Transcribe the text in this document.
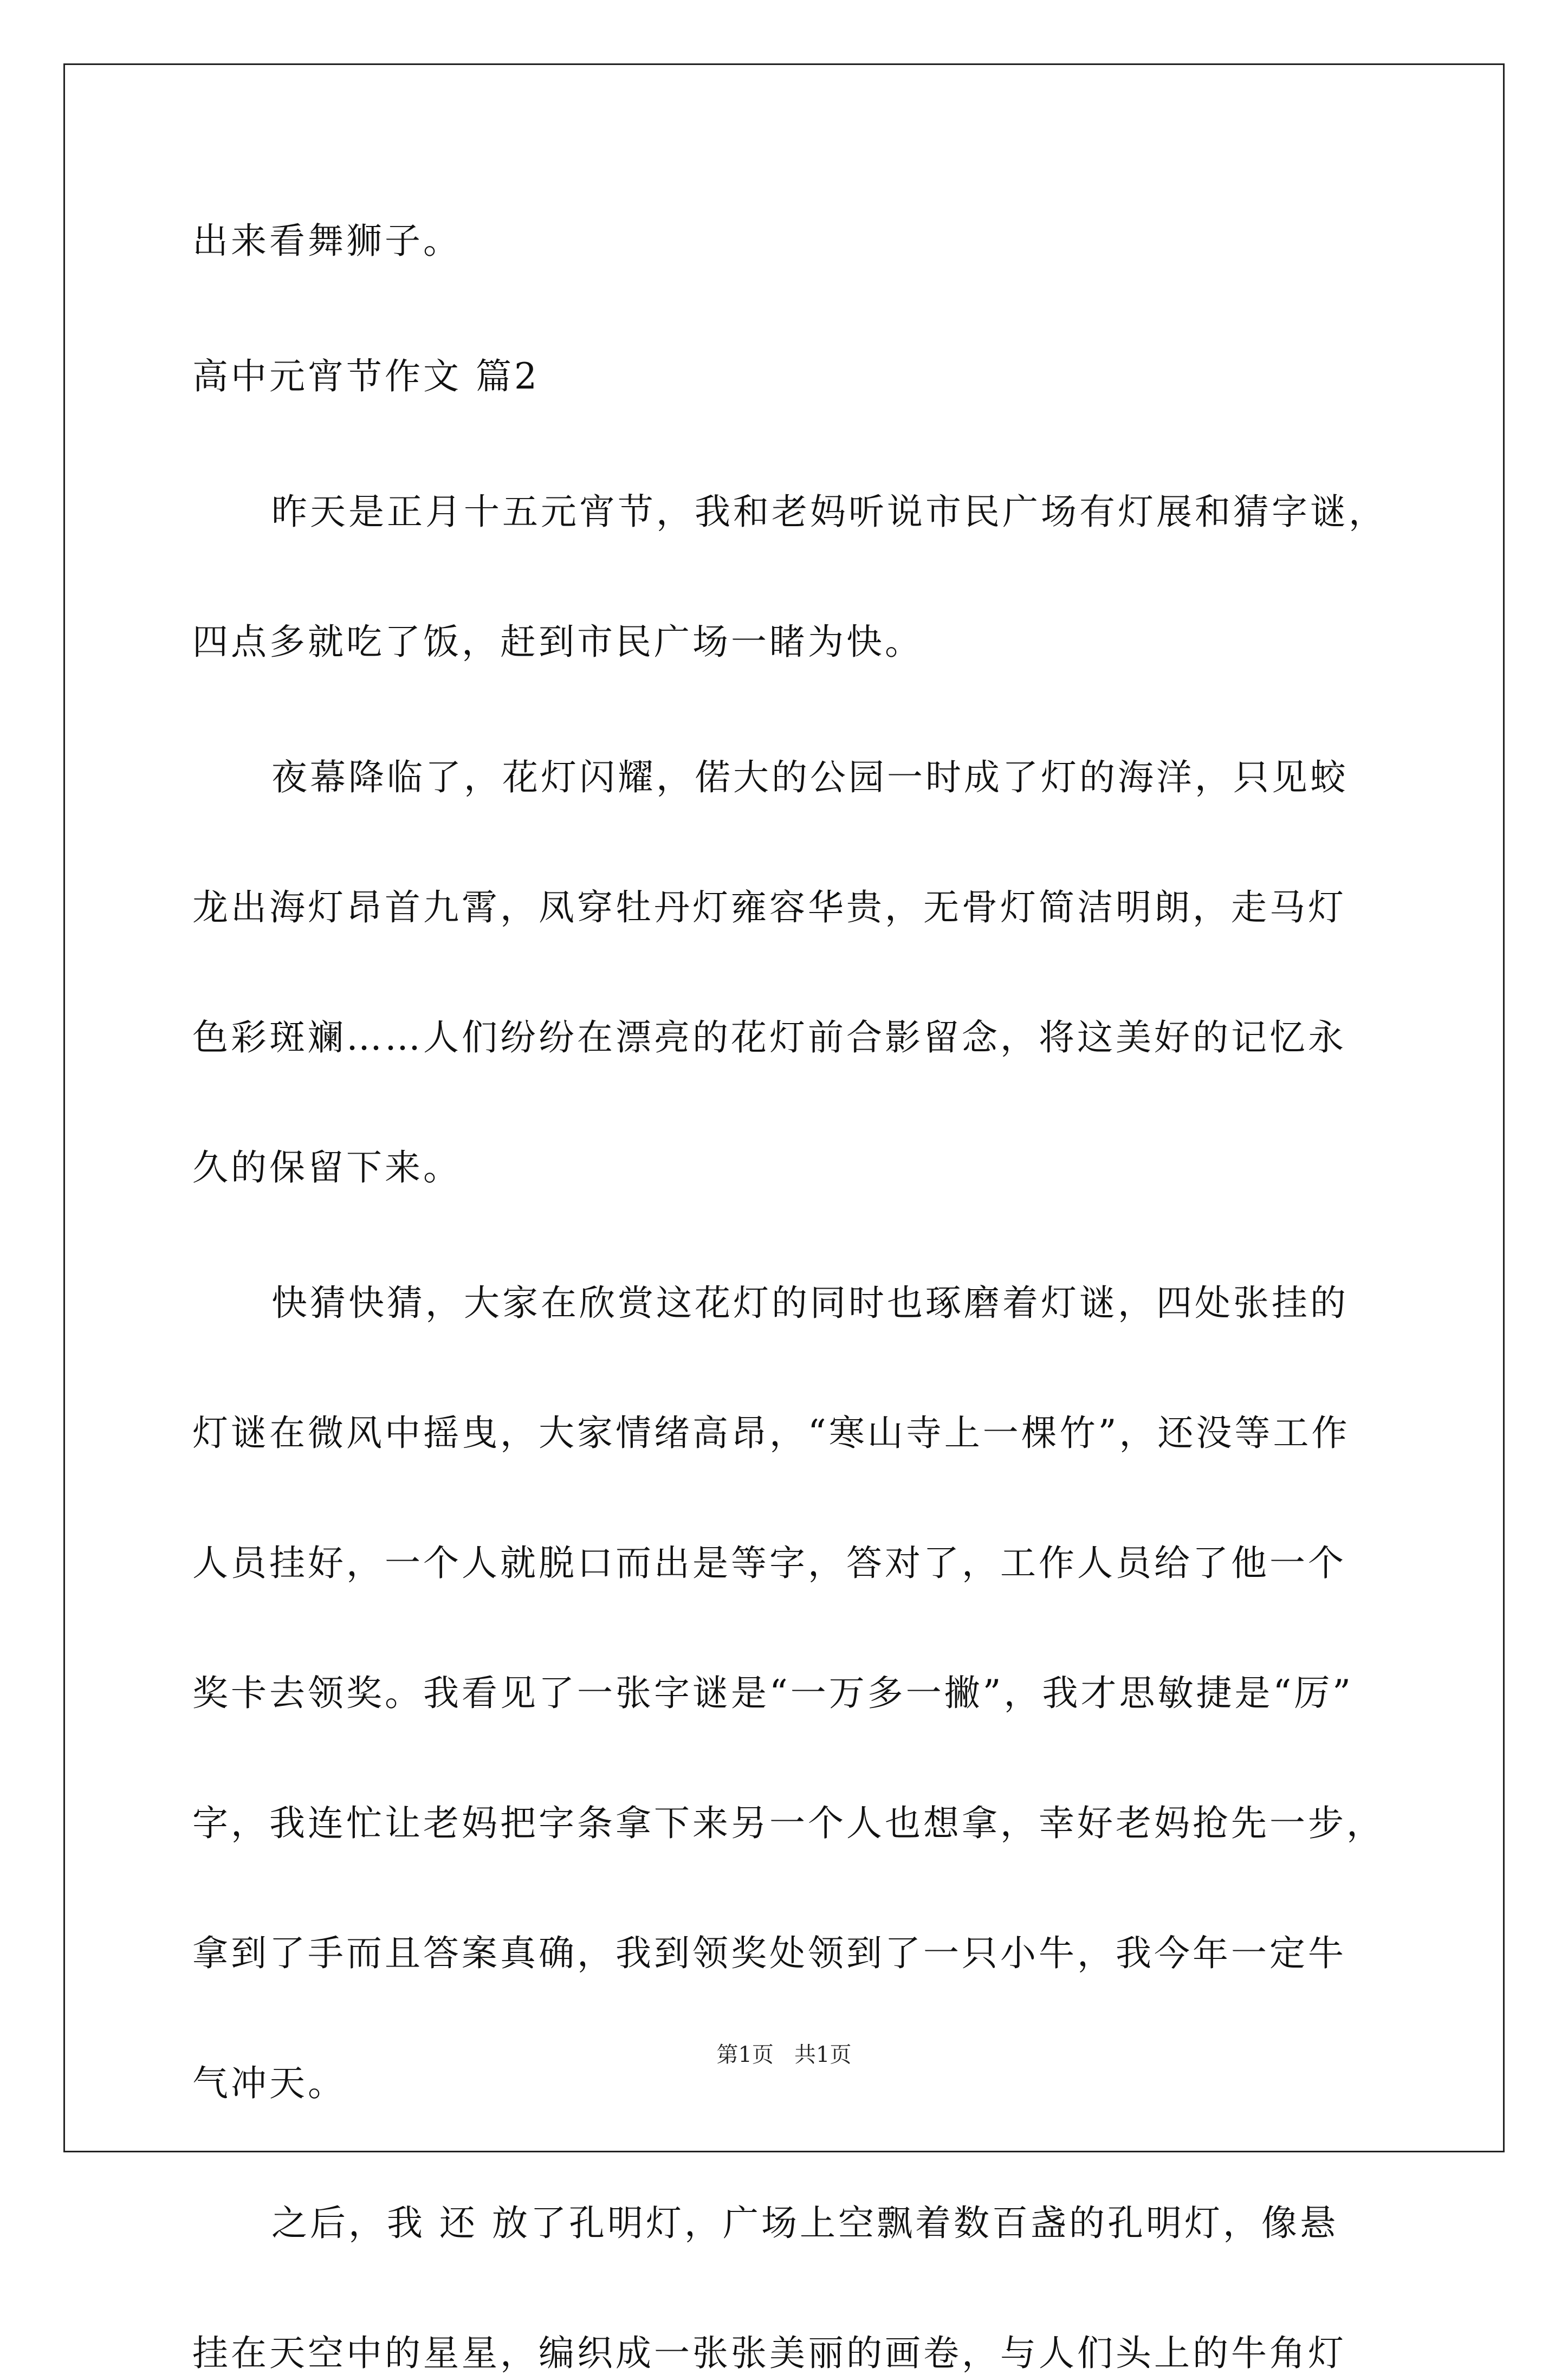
出来看舞狮子。
高中元宵节作文 篇2
昨天是正月十五元宵节，我和老妈听说市民广场有灯展和猜字谜，
四点多就吃了饭，赶到市民广场一睹为快。
夜幕降临了，花灯闪耀，偌大的公园一时成了灯的海洋，只见蛟
龙出海灯昂首九霄，凤穿牡丹灯雍容华贵，无骨灯简洁明朗，走马灯
色彩斑斓……人们纷纷在漂亮的花灯前合影留念，将这美好的记忆永
久的保留下来。
快猜快猜，大家在欣赏这花灯的同时也琢磨着灯谜，四处张挂的
灯谜在微风中摇曳，大家情绪高昂，“寒山寺上一棵竹”，还没等工作
人员挂好，一个人就脱口而出是等字，答对了，工作人员给了他一个
奖卡去领奖。我看见了一张字谜是“一万多一撇”，我才思敏捷是“厉”
字，我连忙让老妈把字条拿下来另一个人也想拿，幸好老妈抢先一步，
拿到了手而且答案真确，我到领奖处领到了一只小牛，我今年一定牛
气冲天。
之后，我 还 放了孔明灯，广场上空飘着数百盏的孔明灯，像悬
挂在天空中的星星，编织成一张张美丽的画卷，与人们头上的牛角灯
第1页   共1页
